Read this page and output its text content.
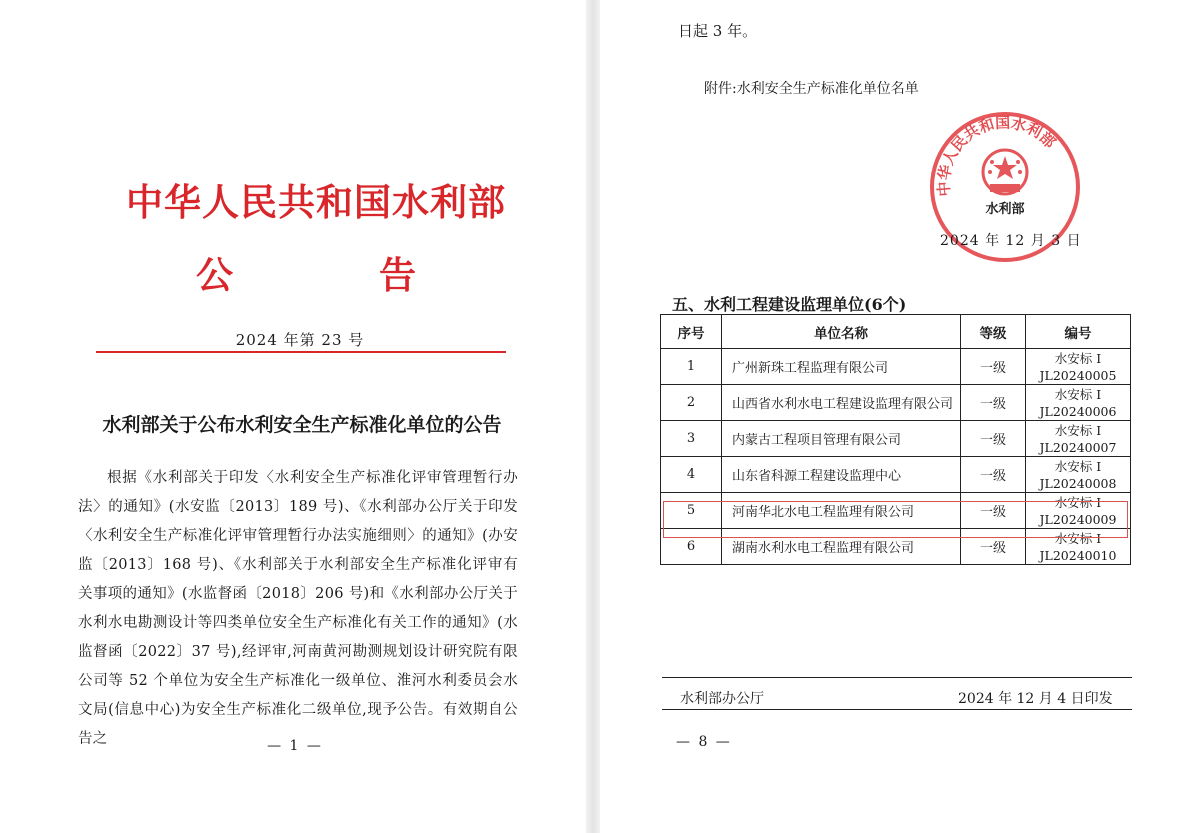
中华人民共和国水利部
公	告
2024 年第 23 号
水利部关于公布水利安全生产标准化单位的公告
根据《水利部关于印发〈水利安全生产标准化评审管理暂行办法〉的通知》(水安监〔2013〕189 号)、《水利部办公厅关于印发〈水利安全生产标准化评审管理暂行办法实施细则〉的通知》(办安监〔2013〕168 号)、《水利部关于水利部安全生产标准化评审有关事项的通知》(水监督函〔2018〕206 号)和《水利部办公厅关于水利水电勘测设计等四类单位安全生产标准化有关工作的通知》(水监督函〔2022〕37 号),经评审,河南黄河勘测规划设计研究院有限公司等 52 个单位为安全生产标准化一级单位、淮河水利委员会水文局(信息中心)为安全生产标准化二级单位,现予公告。有效期自公告之	— 1 —
日起 3 年。
附件:水利安全生产标准化单位名单
中华人民共和国水利部
水利部
2024 年 12 月 3 日
五、水利工程建设监理单位(6个)
序号	单位名称	等级	编号
1	广州新珠工程监理有限公司	一级	水安标 I
JL20240005

2	山西省水利水电工程建设监理有限公司	一级	水安标 I
JL20240006

3	内蒙古工程项目管理有限公司	一级	水安标 I
JL20240007

4	山东省科源工程建设监理中心	一级	水安标 I
JL20240008

5	河南华北水电工程监理有限公司	一级	水安标 I
JL20240009

6	湖南水利水电工程监理有限公司	一级	水安标 I
JL20240010
水利部办公厅	2024 年 12 月 4 日印发
— 8 —
